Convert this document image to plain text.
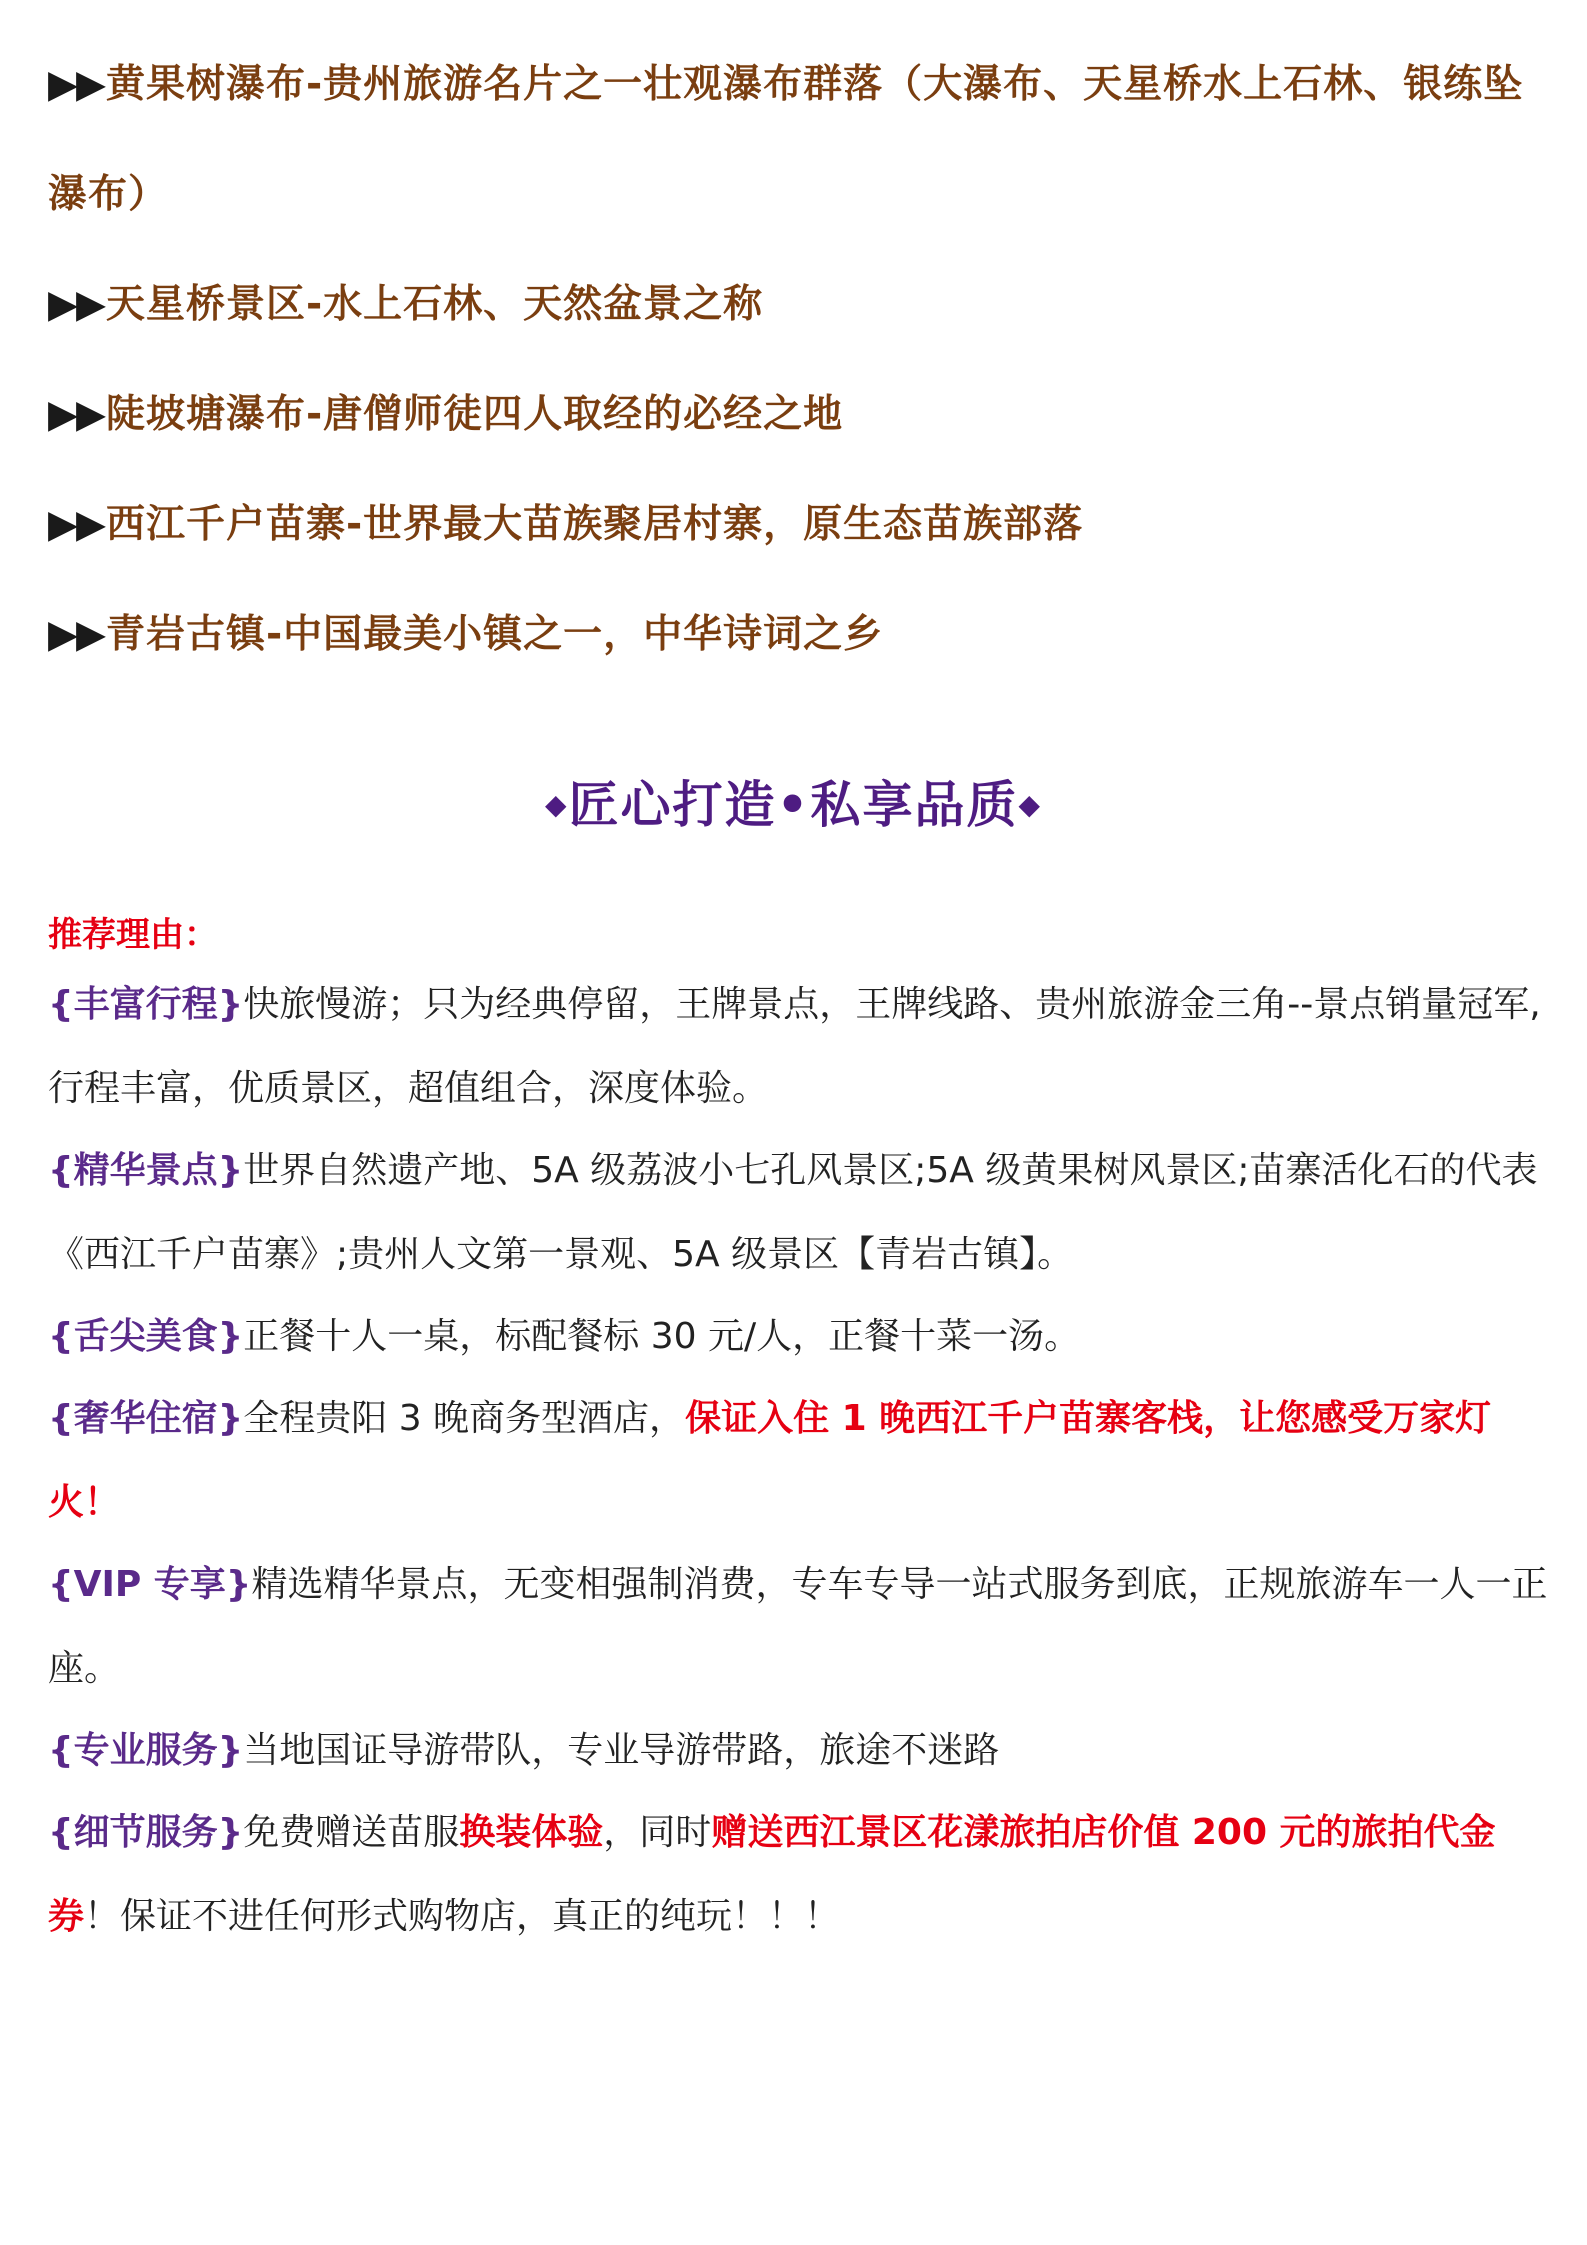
▶▶黄果树瀑布-贵州旅游名片之一壮观瀑布群落（大瀑布、天星桥水上石林、银练坠瀑布）
▶▶天星桥景区-水上石林、天然盆景之称
▶▶陡坡塘瀑布-唐僧师徒四人取经的必经之地
▶▶西江千户苗寨-世界最大苗族聚居村寨，原生态苗族部落
▶▶青岩古镇-中国最美小镇之一，中华诗词之乡
◆匠心打造•私享品质◆
推荐理由：
{丰富行程}快旅慢游；只为经典停留，王牌景点，王牌线路、贵州旅游金三角--景点销量冠军,行程丰富，优质景区，超值组合，深度体验。
{精华景点}世界自然遗产地、5A 级荔波小七孔风景区;5A 级黄果树风景区;苗寨活化石的代表《西江千户苗寨》;贵州人文第一景观、5A 级景区【青岩古镇】。
{舌尖美食}正餐十人一桌，标配餐标 30 元/人，正餐十菜一汤。
{奢华住宿}全程贵阳 3 晚商务型酒店，保证入住 1 晚西江千户苗寨客栈，让您感受万家灯火！
{VIP 专享}精选精华景点，无变相强制消费，专车专导一站式服务到底，正规旅游车一人一正座。
{专业服务}当地国证导游带队，专业导游带路，旅途不迷路
{细节服务}免费赠送苗服换装体验，同时赠送西江景区花漾旅拍店价值 200 元的旅拍代金券！保证不进任何形式购物店，真正的纯玩！！！
